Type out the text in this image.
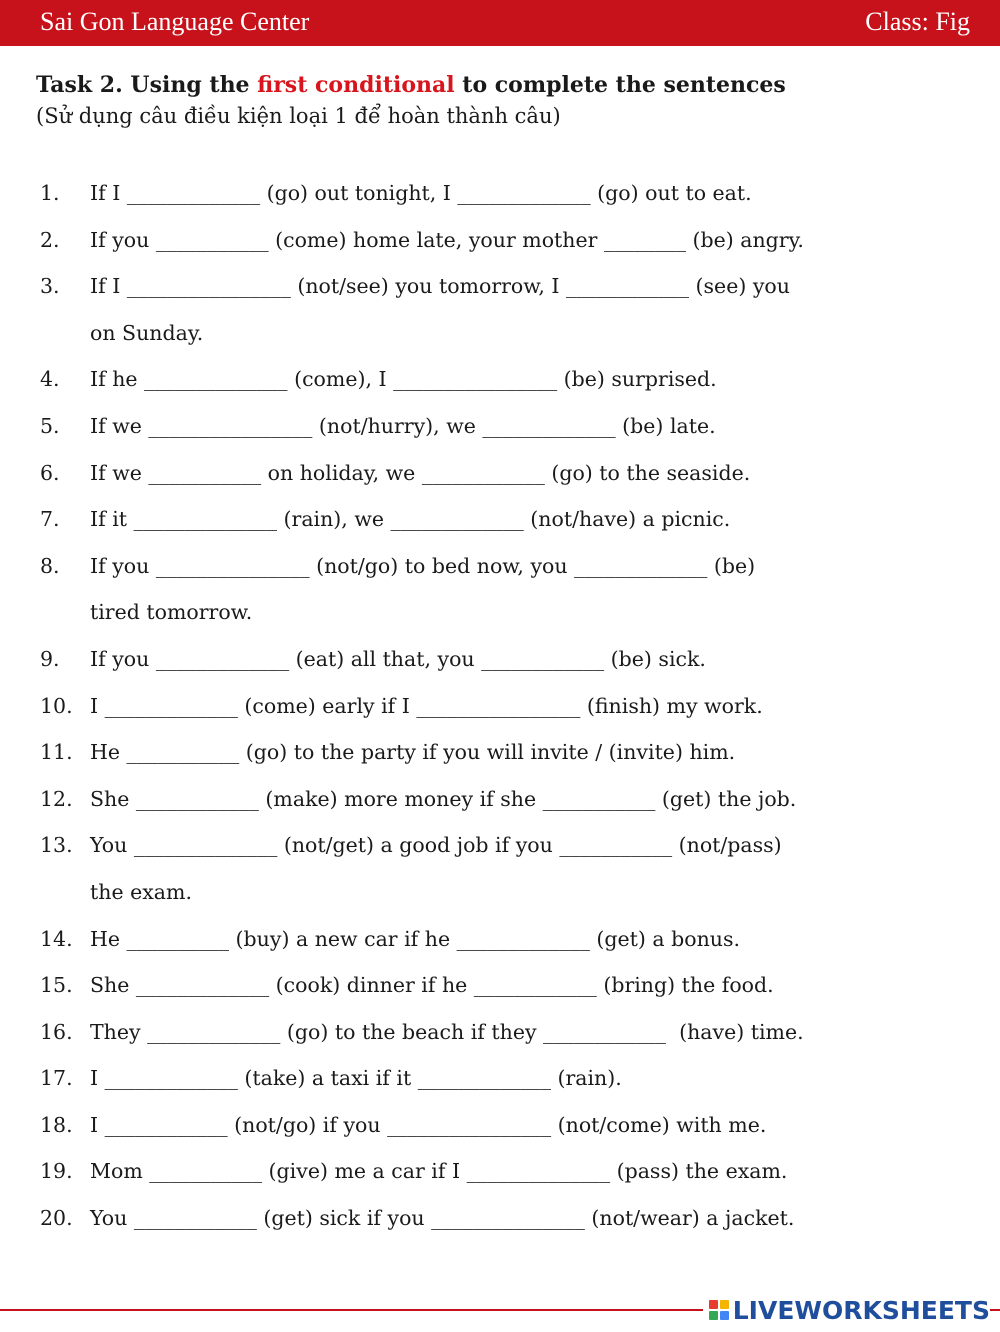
Sai Gon Language Center	Class: Fig
Task 2. Using the first conditional to complete the sentences
(Sử dụng câu điều kiện loại 1 để hoàn thành câu)
1. If I _____________ (go) out tonight, I _____________ (go) out to eat.
2. If you ___________ (come) home late, your mother ________ (be) angry.
3. If I ________________ (not/see) you tomorrow, I ____________ (see) you
on Sunday.
4. If he ______________ (come), I ________________ (be) surprised.
5. If we ________________ (not/hurry), we _____________ (be) late.
6. If we ___________ on holiday, we ____________ (go) to the seaside.
7. If it ______________ (rain), we _____________ (not/have) a picnic.
8. If you _______________ (not/go) to bed now, you _____________ (be)
tired tomorrow.
9. If you _____________ (eat) all that, you ____________ (be) sick.
10. I _____________ (come) early if I ________________ (finish) my work.
11. He ___________ (go) to the party if you will invite / (invite) him.
12. She ____________ (make) more money if she ___________ (get) the job.
13. You ______________ (not/get) a good job if you ___________ (not/pass)
the exam.
14. He __________ (buy) a new car if he _____________ (get) a bonus.
15. She _____________ (cook) dinner if he ____________ (bring) the food.
16. They _____________ (go) to the beach if they ____________  (have) time.
17. I _____________ (take) a taxi if it _____________ (rain).
18. I ____________ (not/go) if you ________________ (not/come) with me.
19. Mom ___________ (give) me a car if I ______________ (pass) the exam.
20. You ____________ (get) sick if you _______________ (not/wear) a jacket.
LIVEWORKSHEETS
